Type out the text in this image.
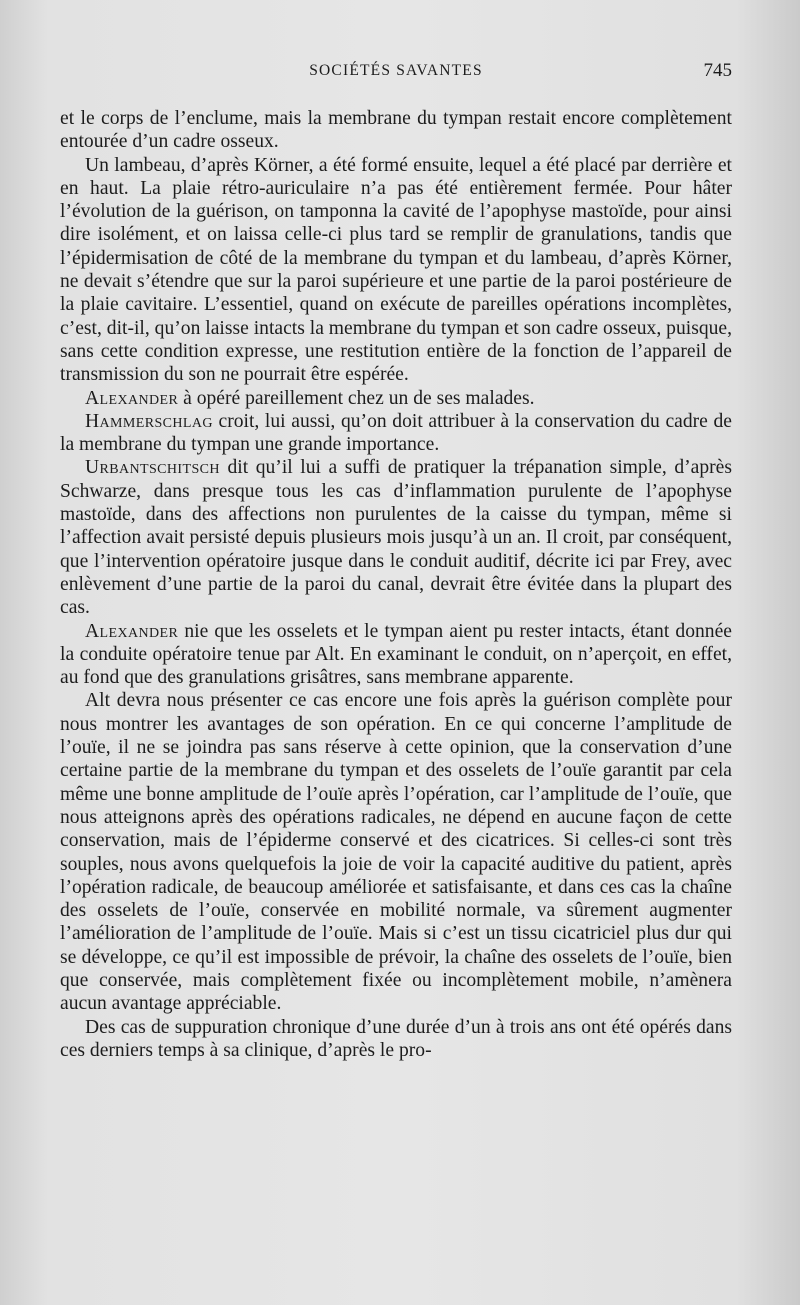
SOCIÉTÉS SAVANTES	745

et le corps de l’enclume, mais la membrane du tympan restait encore complètement entourée d’un cadre osseux.

Un lambeau, d’après Körner, a été formé ensuite, lequel a été placé par derrière et en haut. La plaie rétro-auriculaire n’a pas été entièrement fermée. Pour hâter l’évolution de la guérison, on tamponna la cavité de l’apophyse mastoïde, pour ainsi dire isolément, et on laissa celle-ci plus tard se remplir de granulations, tandis que l’épidermisation de côté de la membrane du tympan et du lambeau, d’après Körner, ne devait s’étendre que sur la paroi supérieure et une partie de la paroi postérieure de la plaie cavitaire. L’essentiel, quand on exécute de pareilles opérations incomplètes, c’est, dit-il, qu’on laisse intacts la membrane du tympan et son cadre osseux, puisque, sans cette condition expresse, une restitution entière de la fonction de l’appareil de transmission du son ne pourrait être espérée.

Alexander à opéré pareillement chez un de ses malades.

Hammerschlag croit, lui aussi, qu’on doit attribuer à la conservation du cadre de la membrane du tympan une grande importance.

Urbantschitsch dit qu’il lui a suffi de pratiquer la trépanation simple, d’après Schwarze, dans presque tous les cas d’inflammation purulente de l’apophyse mastoïde, dans des affections non purulentes de la caisse du tympan, même si l’affection avait persisté depuis plusieurs mois jusqu’à un an. Il croit, par conséquent, que l’intervention opératoire jusque dans le conduit auditif, décrite ici par Frey, avec enlèvement d’une partie de la paroi du canal, devrait être évitée dans la plupart des cas.

Alexander nie que les osselets et le tympan aient pu rester intacts, étant donnée la conduite opératoire tenue par Alt. En examinant le conduit, on n’aperçoit, en effet, au fond que des granulations grisâtres, sans membrane apparente.

Alt devra nous présenter ce cas encore une fois après la guérison complète pour nous montrer les avantages de son opération. En ce qui concerne l’amplitude de l’ouïe, il ne se joindra pas sans réserve à cette opinion, que la conservation d’une certaine partie de la membrane du tympan et des osselets de l’ouïe garantit par cela même une bonne amplitude de l’ouïe après l’opération, car l’amplitude de l’ouïe, que nous atteignons après des opérations radicales, ne dépend en aucune façon de cette conservation, mais de l’épiderme conservé et des cicatrices. Si celles-ci sont très souples, nous avons quelquefois la joie de voir la capacité auditive du patient, après l’opération radicale, de beaucoup améliorée et satisfaisante, et dans ces cas la chaîne des osselets de l’ouïe, conservée en mobilité normale, va sûrement augmenter l’amélioration de l’amplitude de l’ouïe. Mais si c’est un tissu cicatriciel plus dur qui se développe, ce qu’il est impossible de prévoir, la chaîne des osselets de l’ouïe, bien que conservée, mais complètement fixée ou incomplètement mobile, n’amènera aucun avantage appréciable.

Des cas de suppuration chronique d’une durée d’un à trois ans ont été opérés dans ces derniers temps à sa clinique, d’après le pro-
